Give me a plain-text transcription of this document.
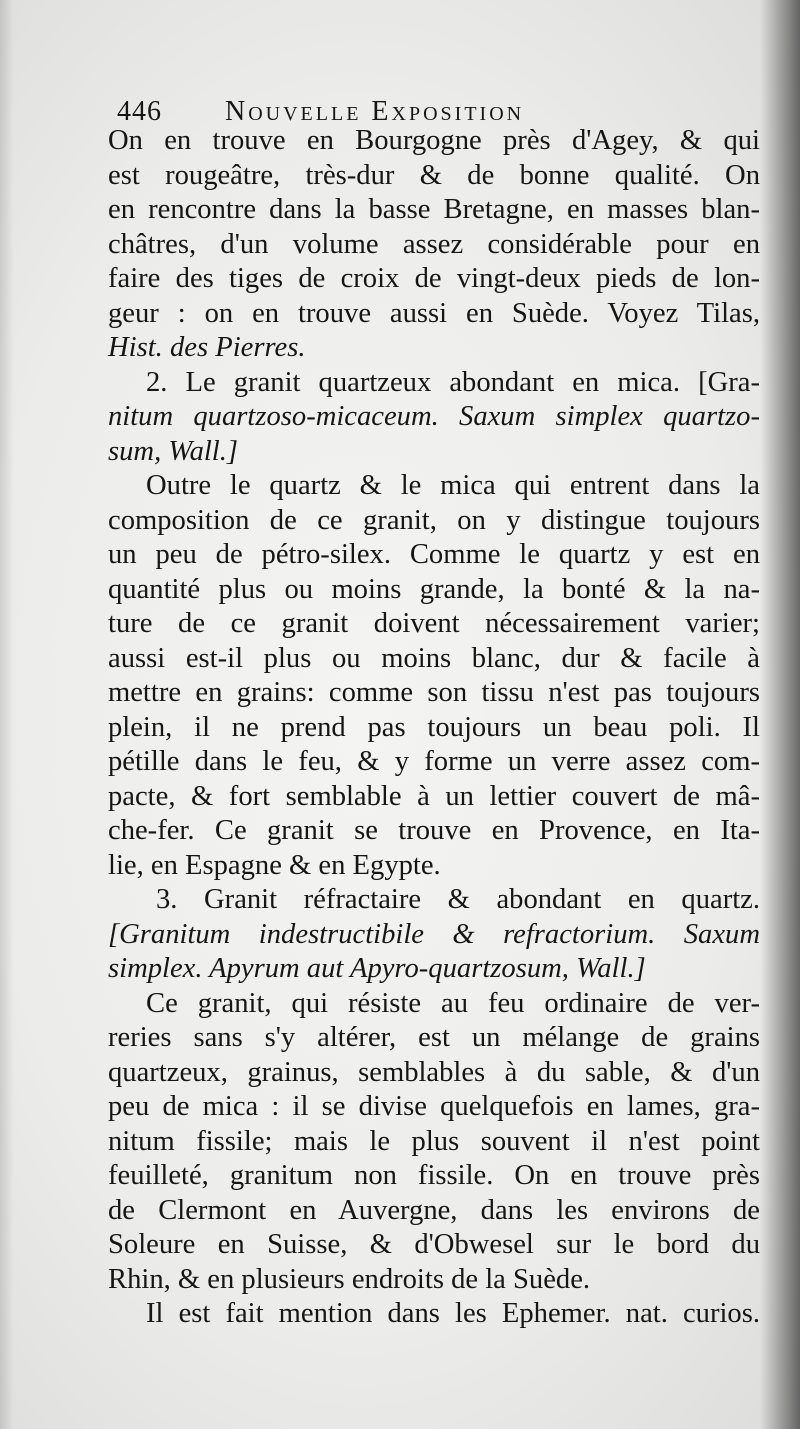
446 Nouvelle Exposition
On en trouve en Bourgogne près d'Agey, & qui
est rougeâtre, très-dur & de bonne qualité. On
en rencontre dans la basse Bretagne, en masses blan-
châtres, d'un volume assez considérable pour en
faire des tiges de croix de vingt-deux pieds de lon-
geur : on en trouve aussi en Suède. Voyez Tilas,
Hist. des Pierres.
2. Le granit quartzeux abondant en mica. [Gra-
nitum quartzoso-micaceum. Saxum simplex quartzo-
sum, Wall.]
Outre le quartz & le mica qui entrent dans la
composition de ce granit, on y distingue toujours
un peu de pétro-silex. Comme le quartz y est en
quantité plus ou moins grande, la bonté & la na-
ture de ce granit doivent nécessairement varier;
aussi est-il plus ou moins blanc, dur & facile à
mettre en grains: comme son tissu n'est pas toujours
plein, il ne prend pas toujours un beau poli. Il
pétille dans le feu, & y forme un verre assez com-
pacte, & fort semblable à un lettier couvert de mâ-
che-fer. Ce granit se trouve en Provence, en Ita-
lie, en Espagne & en Egypte.
3. Granit réfractaire & abondant en quartz.
[Granitum indestructibile & refractorium. Saxum
simplex. Apyrum aut Apyro-quartzosum, Wall.]
Ce granit, qui résiste au feu ordinaire de ver-
reries sans s'y altérer, est un mélange de grains
quartzeux, grainus, semblables à du sable, & d'un
peu de mica : il se divise quelquefois en lames, gra-
nitum fissile; mais le plus souvent il n'est point
feuilleté, granitum non fissile. On en trouve près
de Clermont en Auvergne, dans les environs de
Soleure en Suisse, & d'Obwesel sur le bord du
Rhin, & en plusieurs endroits de la Suède.
Il est fait mention dans les Ephemer. nat. curios.
